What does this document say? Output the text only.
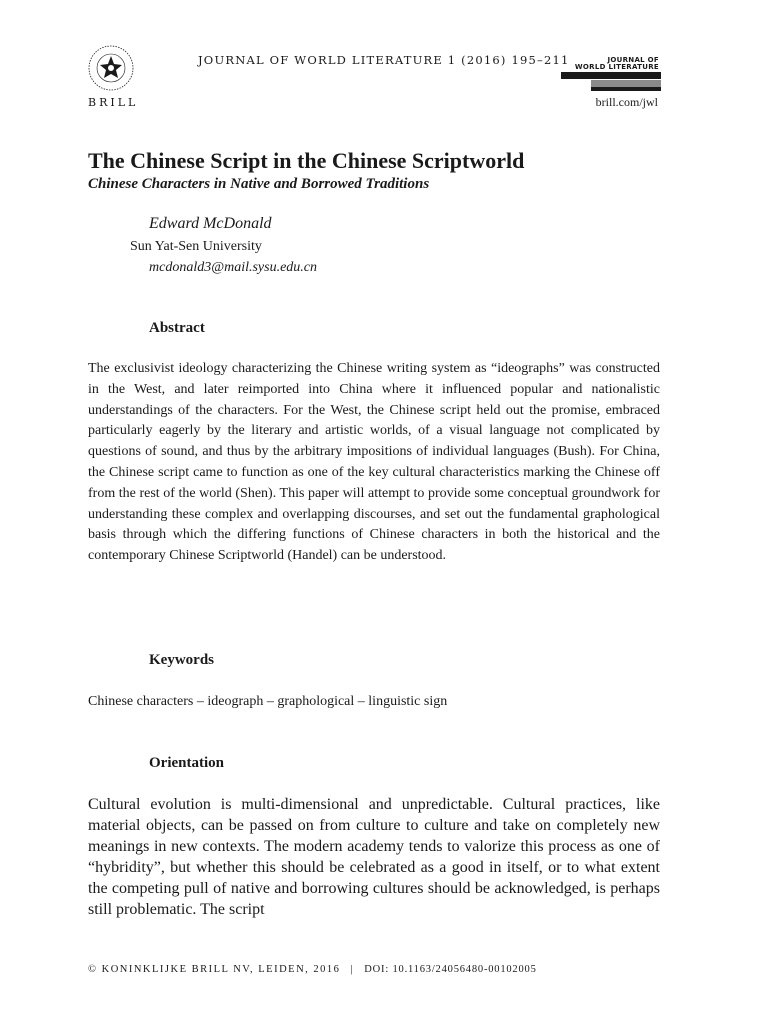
BRILL
JOURNAL OF WORLD LITERATURE 1 (2016) 195–211	JOURNAL OF
WORLD LITERATURE
brill.com/jwl
The Chinese Script in the Chinese Scriptworld
Chinese Characters in Native and Borrowed Traditions
Edward McDonald
Sun Yat-Sen University
mcdonald3@mail.sysu.edu.cn
Abstract

The exclusivist ideology characterizing the Chinese writing system as “ideographs” was constructed in the West, and later reimported into China where it influenced popular and nationalistic understandings of the characters. For the West, the Chinese script held out the promise, embraced particularly eagerly by the literary and artistic worlds, of a visual language not complicated by questions of sound, and thus by the arbitrary impositions of individual languages (Bush). For China, the Chinese script came to function as one of the key cultural characteristics marking the Chinese off from the rest of the world (Shen). This paper will attempt to provide some conceptual groundwork for understanding these complex and overlapping discourses, and set out the fundamental graphological basis through which the differing functions of Chinese characters in both the historical and the contemporary Chinese Scriptworld (Handel) can be understood.

Keywords
Chinese characters – ideograph – graphological – linguistic sign
Orientation

Cultural evolution is multi-dimensional and unpredictable. Cultural practices, like material objects, can be passed on from culture to culture and take on completely new meanings in new contexts. The modern academy tends to valorize this process as one of “hybridity”, but whether this should be celebrated as a good in itself, or to what extent the competing pull of native and borrowing cultures should be acknowledged, is perhaps still problematic. The script

© KONINKLIJKE BRILL NV, LEIDEN, 2016 | DOI: 10.1163/24056480-00102005
